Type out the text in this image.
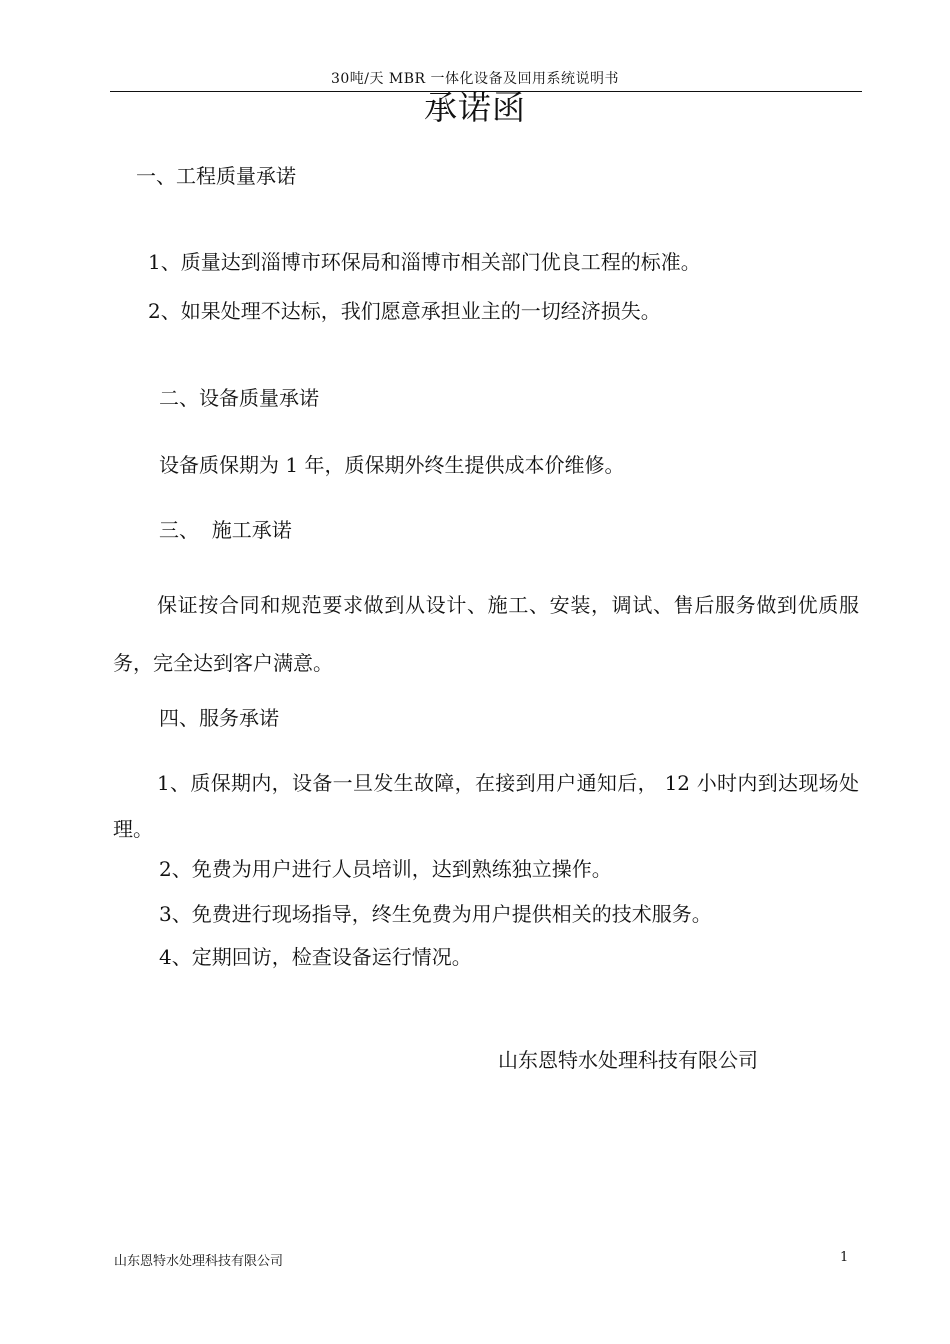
30吨/天 MBR 一体化设备及回用系统说明书
承诺函
一、工程质量承诺
1、质量达到淄博市环保局和淄博市相关部门优良工程的标准。
2、如果处理不达标，我们愿意承担业主的一切经济损失。
二、设备质量承诺
设备质保期为 1 年，质保期外终生提供成本价维修。
三、  施工承诺
保证按合同和规范要求做到从设计、施工、安装，调试、售后服务做到优质服务，完全达到客户满意。
四、服务承诺
1、质保期内，设备一旦发生故障，在接到用户通知后， 12 小时内到达现场处理。
2、免费为用户进行人员培训，达到熟练独立操作。
3、免费进行现场指导，终生免费为用户提供相关的技术服务。
4、定期回访，检查设备运行情况。
山东恩特水处理科技有限公司
山东恩特水处理科技有限公司	1
